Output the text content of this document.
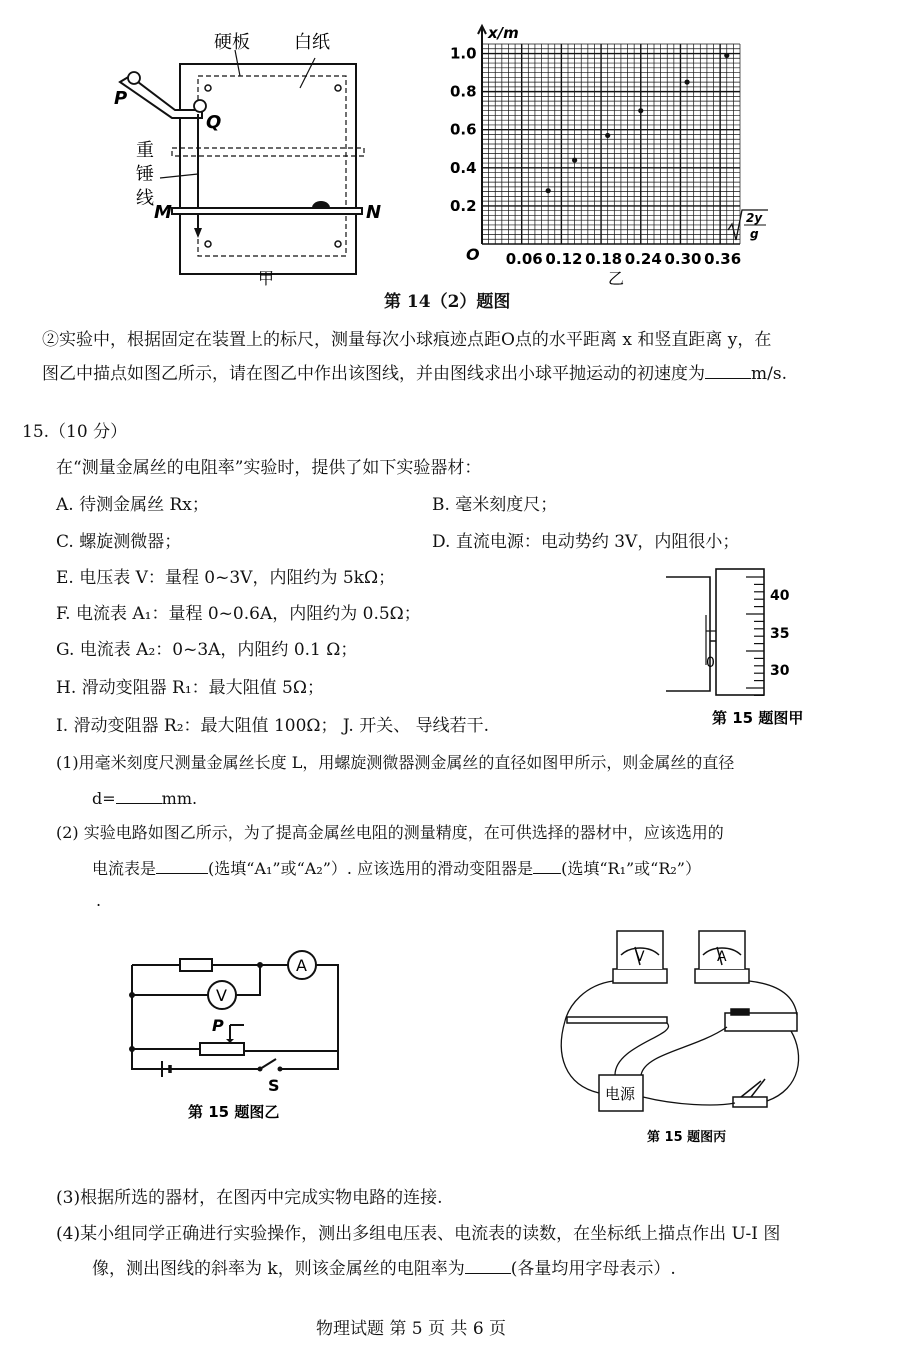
硬板 白纸
P
Q
重
锤
线
M	N
甲
x/m
O
1.0
0.8
0.6
0.4
0.2
0.06 0.12 0.18 0.24 0.30 0.36
2y
g
乙
第 14（2）题图
②实验中，根据固定在装置上的标尺，测量每次小球痕迹点距O点的水平距离 x 和竖直距离 y，在
图乙中描点如图乙所示，请在图乙中作出该图线，并由图线求出小球平抛运动的初速度为	m/s.
15.（10 分）
在“测量金属丝的电阻率”实验时，提供了如下实验器材：
A. 待测金属丝 Rx；	B. 毫米刻度尺；
C. 螺旋测微器；	D. 直流电源：电动势约 3V，内阻很小；
E. 电压表 V：量程 0~3V，内阻约为 5kΩ；
F. 电流表 A₁：量程 0~0.6A，内阻约为 0.5Ω；
G. 电流表 A₂：0~3A，内阻约 0.1 Ω；
H. 滑动变阻器 R₁：最大阻值 5Ω；
I. 滑动变阻器 R₂：最大阻值 100Ω； J. 开关、 导线若干.
0
40
35
30
第 15 题图甲
(1)用毫米刻度尺测量金属丝长度 L，用螺旋测微器测金属丝的直径如图甲所示，则金属丝的直径
d=	mm.
(2) 实验电路如图乙所示，为了提高金属丝电阻的测量精度，在可供选择的器材中，应该选用的
电流表是	(选填“A₁”或“A₂”）. 应该选用的滑动变阻器是 (选填“R₁”或“R₂”）
.
A
V
P
S
第 15 题图乙
V	A
电源
第 15 题图丙
(3)根据所选的器材，在图丙中完成实物电路的连接.
(4)某小组同学正确进行实验操作，测出多组电压表、电流表的读数，在坐标纸上描点作出 U-I 图
像，测出图线的斜率为 k，则该金属丝的电阻率为	(各量均用字母表示）.
物理试题 第 5 页 共 6 页
